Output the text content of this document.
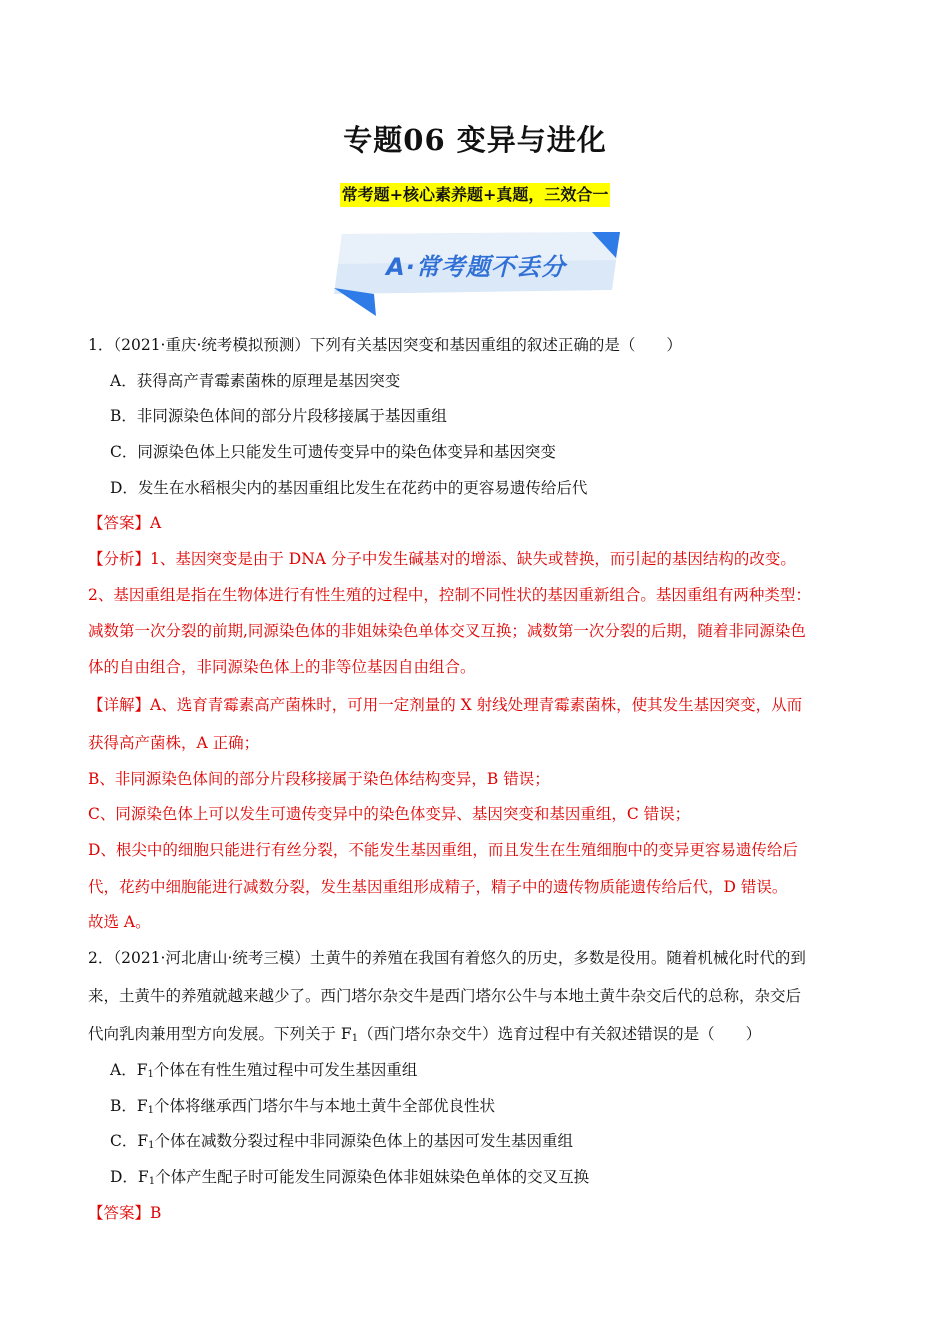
专题06 变异与进化
常考题+核心素养题+真题，三效合一
A·常考题不丢分
1．（2021·重庆·统考模拟预测）下列有关基因突变和基因重组的叙述正确的是（　　）
A．获得高产青霉素菌株的原理是基因突变
B．非同源染色体间的部分片段移接属于基因重组
C．同源染色体上只能发生可遗传变异中的染色体变异和基因突变
D．发生在水稻根尖内的基因重组比发生在花药中的更容易遗传给后代
【答案】A
【分析】1、基因突变是由于 DNA 分子中发生碱基对的增添、缺失或替换，而引起的基因结构的改变。
2、基因重组是指在生物体进行有性生殖的过程中，控制不同性状的基因重新组合。基因重组有两种类型：
减数第一次分裂的前期,同源染色体的非姐妹染色单体交叉互换；减数第一次分裂的后期，随着非同源染色
体的自由组合，非同源染色体上的非等位基因自由组合。
【详解】A、选育青霉素高产菌株时，可用一定剂量的 X 射线处理青霉素菌株，使其发生基因突变，从而
获得高产菌株，A 正确；
B、非同源染色体间的部分片段移接属于染色体结构变异，B 错误；
C、同源染色体上可以发生可遗传变异中的染色体变异、基因突变和基因重组，C 错误；
D、根尖中的细胞只能进行有丝分裂，不能发生基因重组，而且发生在生殖细胞中的变异更容易遗传给后
代，花药中细胞能进行减数分裂，发生基因重组形成精子，精子中的遗传物质能遗传给后代，D 错误。
故选 A。
2．（2021·河北唐山·统考三模）土黄牛的养殖在我国有着悠久的历史，多数是役用。随着机械化时代的到
来，土黄牛的养殖就越来越少了。西门塔尔杂交牛是西门塔尔公牛与本地土黄牛杂交后代的总称，杂交后
代向乳肉兼用型方向发展。下列关于 $F_1$（西门塔尔杂交牛）选育过程中有关叙述错误的是（　　）
A．$F_1$个体在有性生殖过程中可发生基因重组
B．$F_1$个体将继承西门塔尔牛与本地土黄牛全部优良性状
C．$F_1$个体在减数分裂过程中非同源染色体上的基因可发生基因重组
D．$F_1$个体产生配子时可能发生同源染色体非姐妹染色单体的交叉互换
【答案】B
